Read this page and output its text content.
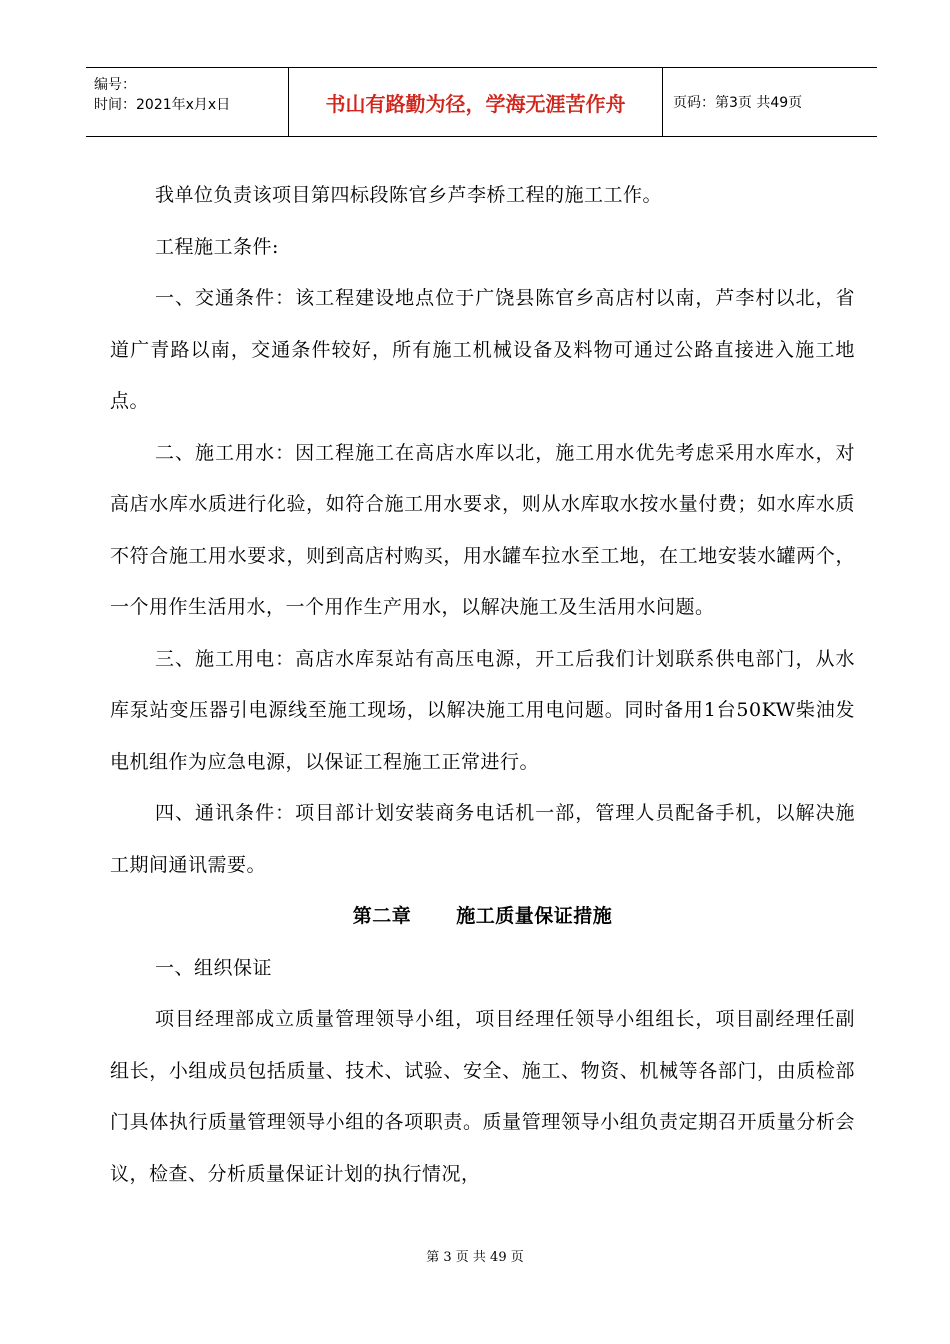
编号：
时间：2021年x月x日	书山有路勤为径，学海无涯苦作舟	页码：第3页 共49页

我单位负责该项目第四标段陈官乡芦李桥工程的施工工作。

工程施工条件:

一、交通条件：该工程建设地点位于广饶县陈官乡高店村以南，芦李村以北，省道广青路以南，交通条件较好，所有施工机械设备及料物可通过公路直接进入施工地点。

二、施工用水：因工程施工在高店水库以北，施工用水优先考虑采用水库水，对高店水库水质进行化验，如符合施工用水要求，则从水库取水按水量付费；如水库水质不符合施工用水要求，则到高店村购买，用水罐车拉水至工地，在工地安装水罐两个，一个用作生活用水，一个用作生产用水，以解决施工及生活用水问题。

三、施工用电：高店水库泵站有高压电源，开工后我们计划联系供电部门，从水库泵站变压器引电源线至施工现场，以解决施工用电问题。同时备用1台50KW柴油发电机组作为应急电源，以保证工程施工正常进行。

四、通讯条件：项目部计划安装商务电话机一部，管理人员配备手机，以解决施工期间通讯需要。

第二章 施工质量保证措施

一、组织保证

项目经理部成立质量管理领导小组，项目经理任领导小组组长，项目副经理任副组长，小组成员包括质量、技术、试验、安全、施工、物资、机械等各部门，由质检部门具体执行质量管理领导小组的各项职责。质量管理领导小组负责定期召开质量分析会议，检查、分析质量保证计划的执行情况，

第 3 页 共 49 页
